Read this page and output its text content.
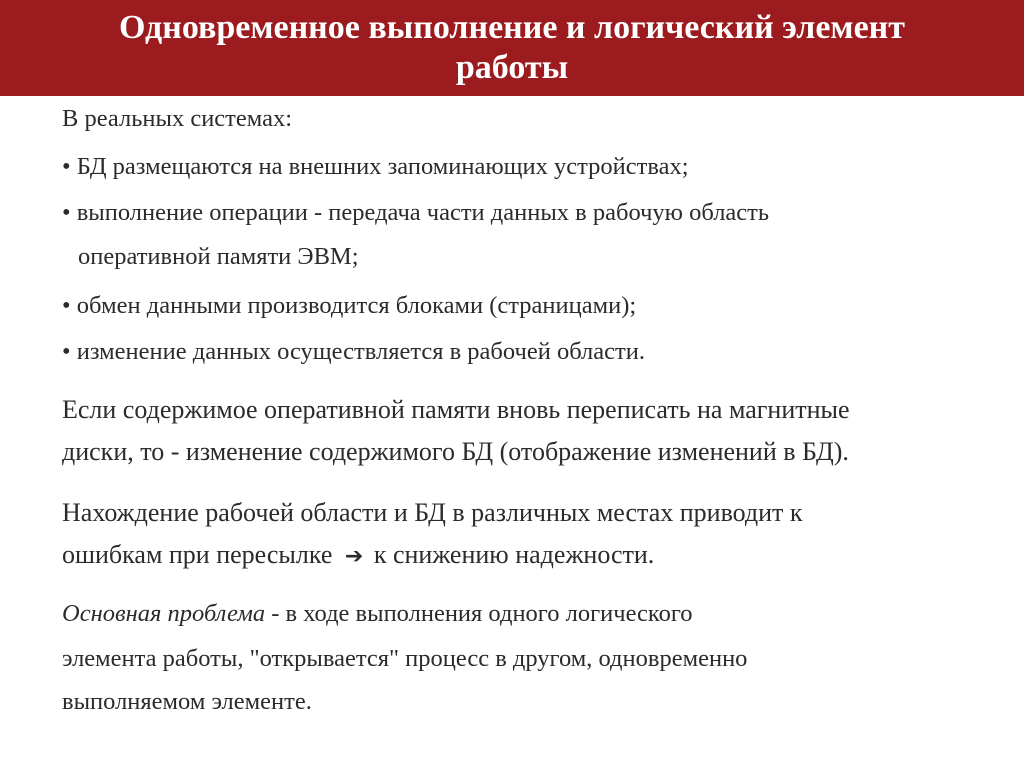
Одновременное выполнение и логический элемент
работы
В реальных системах:
• БД размещаются на внешних запоминающих устройствах;
• выполнение операции - передача части данных в рабочую область
оперативной памяти ЭВМ;
• обмен данными производится блоками (страницами);
• изменение данных осуществляется в рабочей области.
Если содержимое оперативной памяти вновь переписать на магнитные
диски, то - изменение содержимого БД (отображение изменений в БД).
Нахождение рабочей области и БД в различных местах приводит к
ошибкам при пересылке ➔ к снижению надежности.
Основная проблема - в ходе выполнения одного логического
элемента работы, "открывается" процесс в другом, одновременно
выполняемом элементе.
